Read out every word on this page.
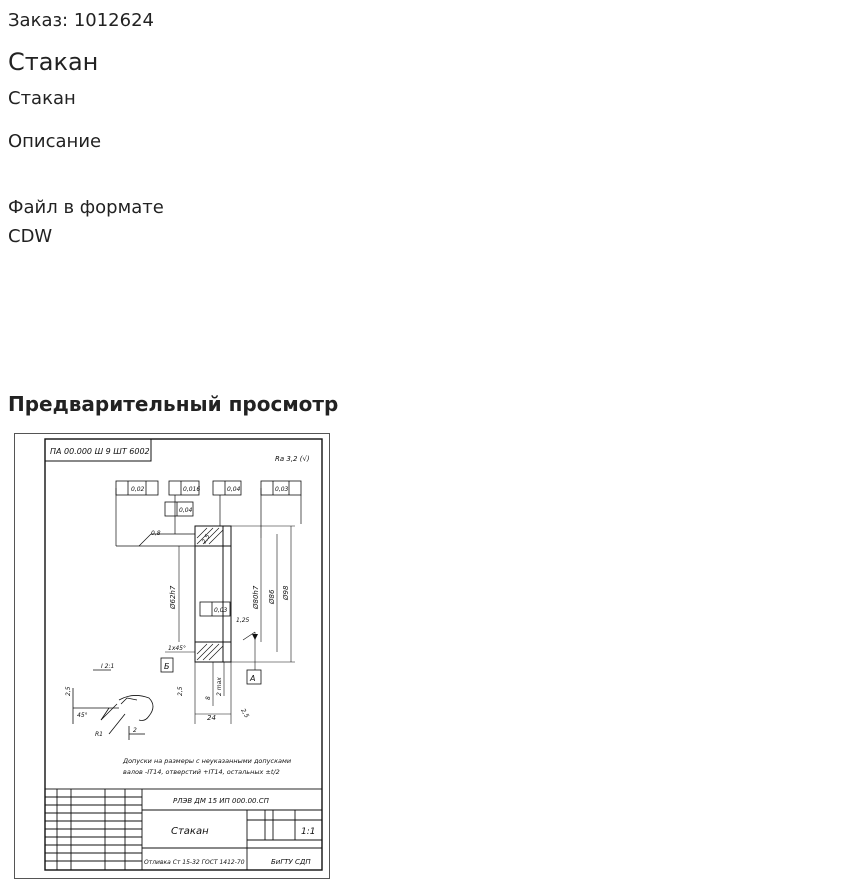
Заказ: 1012624
Стакан
Стакан
Описание
Файл в формате CDW
Предварительный просмотр
ПА 00.000 Ш 9 ШТ 6002
Ra 3,2 (√)
0,02	0,016	0,04	0,03
0,04
0,03
Б
A
Ø62h7	Ø80h7 Ø86 Ø98
24
8
2 max
1х45°
0,8	2,5
1,25
2,5
2,5
I 2:1
2,5
45°
R1
2
Допуски на размеры с неуказанными допусками
валов -IT14, отверстий +IT14, остальных ±t/2
РЛЭВ ДМ 15 ИП 000.00.СП
Стакан	1:1
Отливка Ст 15-32 ГОСТ 1412-70	БиГТУ СДП
